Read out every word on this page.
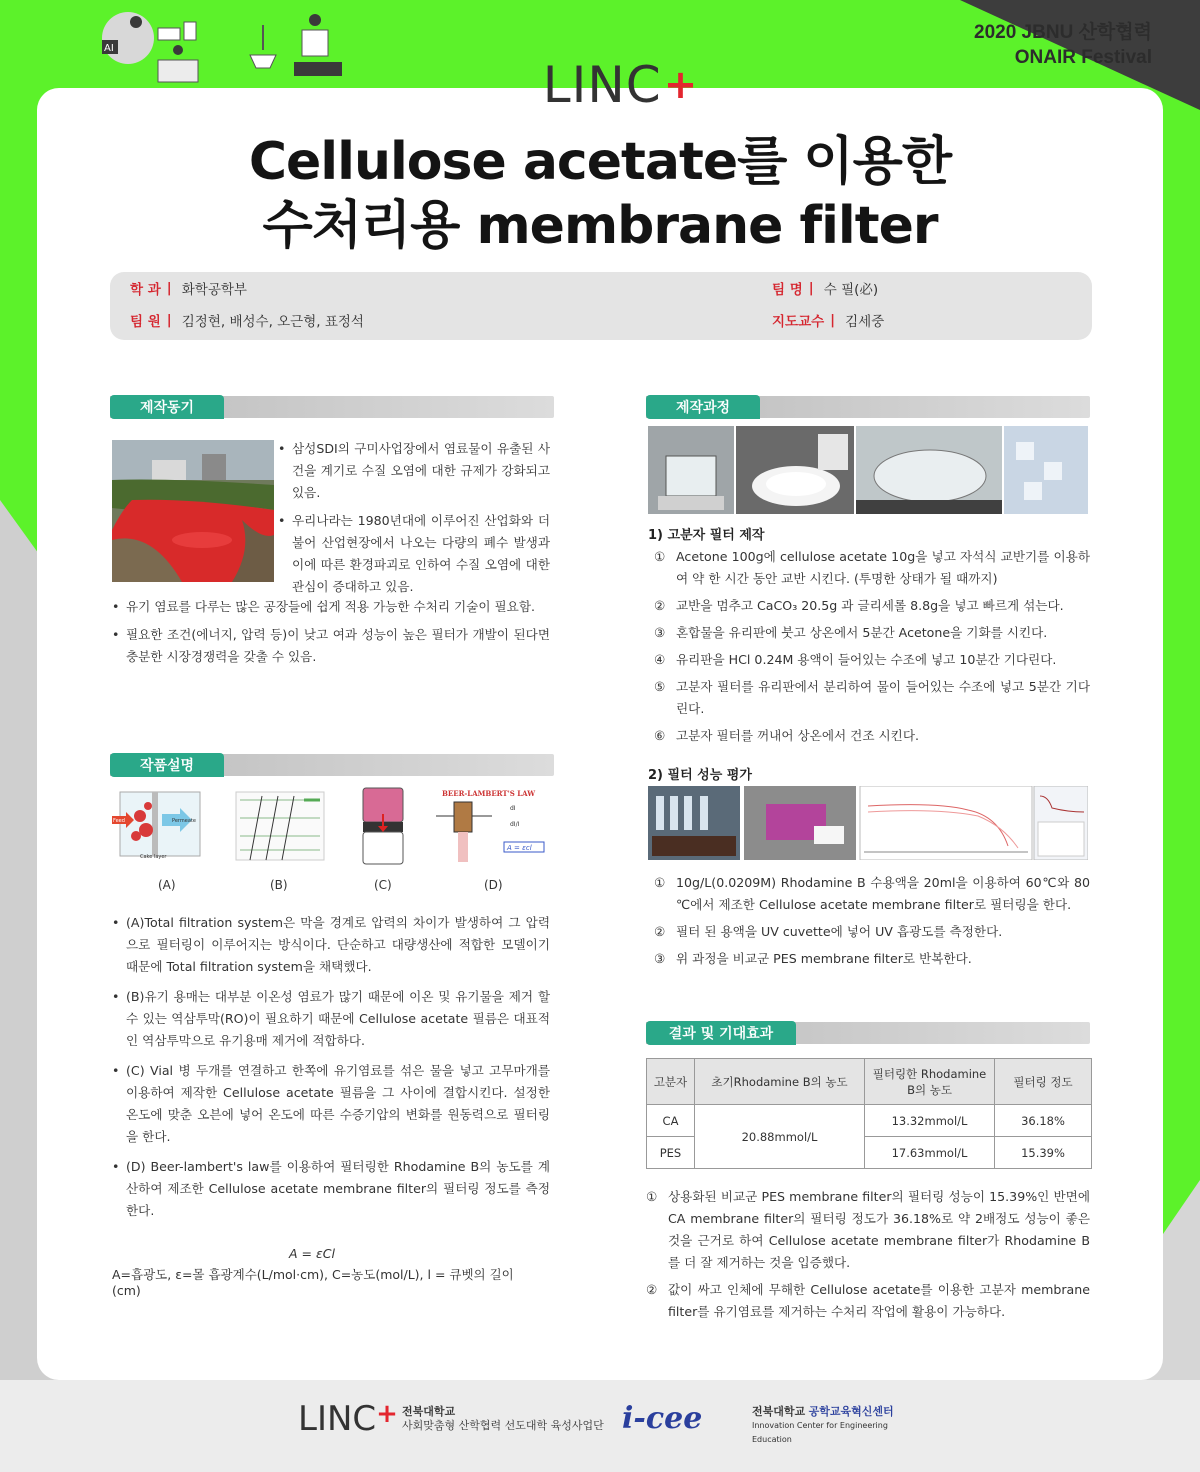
AI
2020 JBNU 산학협력
ONAIR Festival
LINC +
Cellulose acetate를 이용한
수처리용 membrane filter
학 과 | 화학공학부
팀 원 | 김정현, 배성수, 오근형, 표정석
팀 명 | 수 필(必)
지도교수 | 김세중
제작동기

• 삼성SDI의 구미사업장에서 염료물이 유출된 사건을 계기로 수질 오염에 대한 규제가 강화되고 있음.

• 우리나라는 1980년대에 이루어진 산업화와 더불어 산업현장에서 나오는 다량의 폐수 발생과 이에 따른 환경파괴로 인하여 수질 오염에 대한 관심이 증대하고 있음.

• 유기 염료를 다루는 많은 공장들에 쉽게 적용 가능한 수처리 기술이 필요함.

• 필요한 조건(에너지, 압력 등)이 낮고 여과 성능이 높은 필터가 개발이 된다면 충분한 시장경쟁력을 갖출 수 있음.

작품설명
Feed	Permeate
Cake layer
BEER-LAMBERT'S LAW
dI
dI/I
A = εcl
(A)	(B)	(C)	(D)

• (A)Total filtration system은 막을 경계로 압력의 차이가 발생하여 그 압력으로 필터링이 이루어지는 방식이다. 단순하고 대량생산에 적합한 모델이기 때문에 Total filtration system을 채택했다.

• (B)유기 용매는 대부분 이온성 염료가 많기 때문에 이온 및 유기물을 제거 할 수 있는 역삼투막(RO)이 필요하기 때문에 Cellulose acetate 필름은 대표적인 역삼투막으로 유기용매 제거에 적합하다.

• (C) Vial 병 두개를 연결하고 한쪽에 유기염료를 섞은 물을 넣고 고무마개를 이용하여 제작한 Cellulose acetate 필름을 그 사이에 결합시킨다. 설정한 온도에 맞춘 오븐에 넣어 온도에 따른 수증기압의 변화를 원동력으로 필터링을 한다.

• (D) Beer-lambert's law를 이용하여 필터링한 Rhodamine B의 농도를 계산하여 제조한 Cellulose acetate membrane filter의 필터링 정도를 측정한다.

A = εCl
A=흡광도, ε=몰 흡광계수(L/mol·cm), C=농도(mol/L), l = 큐벳의 길이(cm)
제작과정
1) 고분자 필터 제작

① Acetone 100g에 cellulose acetate 10g을 넣고 자석식 교반기를 이용하여 약 한 시간 동안 교반 시킨다. (투명한 상태가 될 때까지)

② 교반을 멈추고 CaCO₃ 20.5g 과 글리세롤 8.8g을 넣고 빠르게 섞는다.

③ 혼합물을 유리판에 붓고 상온에서 5분간 Acetone을 기화를 시킨다.

④ 유리판을 HCl 0.24M 용액이 들어있는 수조에 넣고 10분간 기다린다.

⑤ 고분자 필터를 유리판에서 분리하여 물이 들어있는 수조에 넣고 5분간 기다린다.

⑥ 고분자 필터를 꺼내어 상온에서 건조 시킨다.

2) 필터 성능 평가

① 10g/L(0.0209M) Rhodamine B 수용액을 20ml을 이용하여 60℃와 80 ℃에서 제조한 Cellulose acetate membrane filter로 필터링을 한다.

② 필터 된 용액을 UV cuvette에 넣어 UV 흡광도를 측정한다.

③ 위 과정을 비교군 PES membrane filter로 반복한다.

결과 및 기대효과
고분자	초기Rhodamine B의 농도	필터링한 Rhodamine B의 농도	필터링 정도
CA	20.88mmol/L	13.32mmol/L	36.18%
PES		17.63mmol/L	15.39%

① 상용화된 비교군 PES membrane filter의 필터링 성능이 15.39%인 반면에 CA membrane filter의 필터링 정도가 36.18%로 약 2배정도 성능이 좋은 것을 근거로 하여 Cellulose acetate membrane filter가 Rhodamine B를 더 잘 제거하는 것을 입증했다.

② 값이 싸고 인체에 무해한 Cellulose acetate를 이용한 고분자 membrane filter를 유기염료를 제거하는 수처리 작업에 활용이 가능하다.

LINC + 전북대학교
사회맞춤형 산학협력 선도대학 육성사업단 i-cee	전북대학교 공학교육혁신센터
Innovation Center for Engineering Education
